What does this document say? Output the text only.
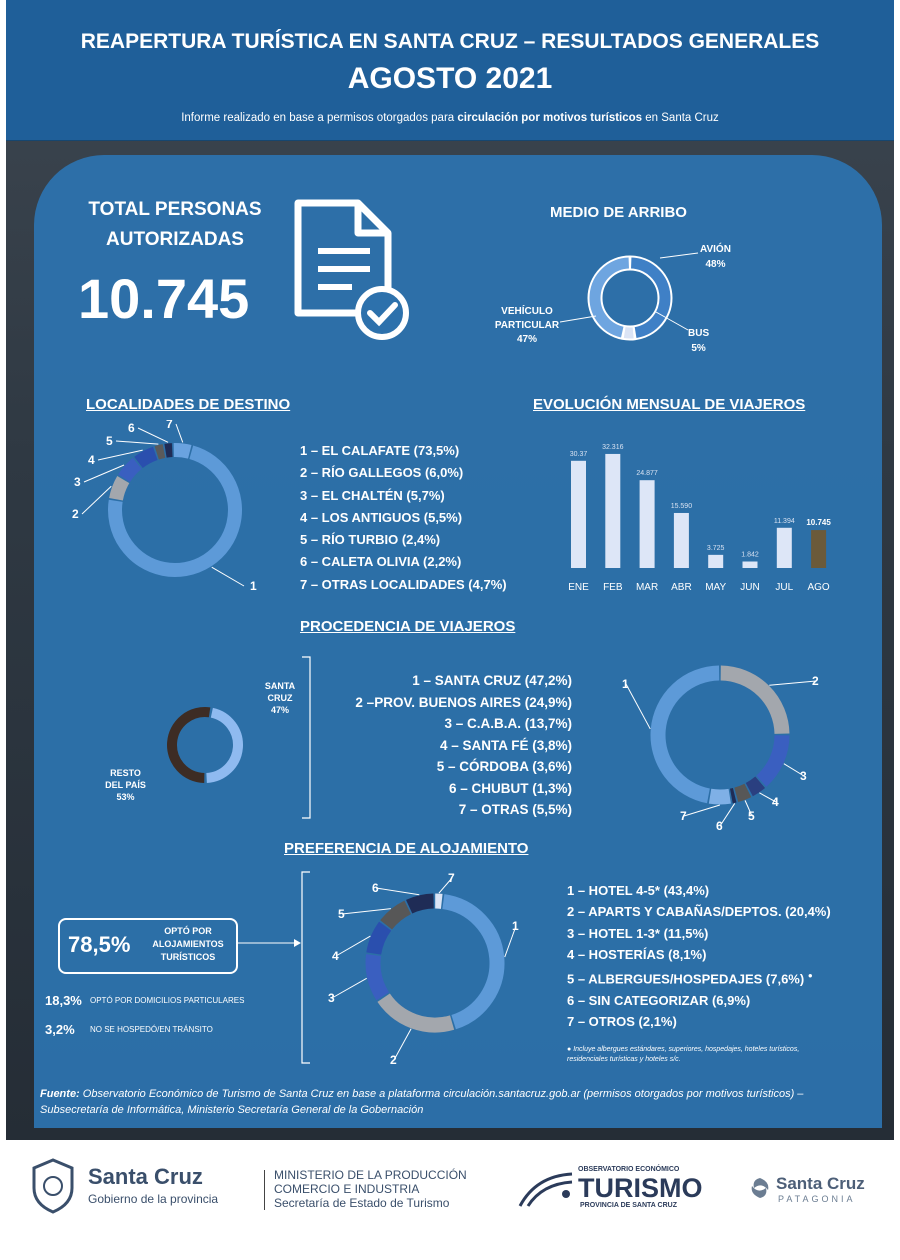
REAPERTURA TURÍSTICA EN SANTA CRUZ – RESULTADOS GENERALES
AGOSTO 2021
Informe realizado en base a permisos otorgados para circulación por motivos turísticos en Santa Cruz
TOTAL PERSONAS
AUTORIZADAS
10.745
MEDIO DE ARRIBO
AVIÓN
48%
VEHÍCULO
PARTICULAR
47%
BUS
5%
LOCALIDADES DE DESTINO
1
2
3
4
5
6	7
1 – EL CALAFATE (73,5%)
2 – RÍO GALLEGOS (6,0%)
3 – EL CHALTÉN (5,7%)
4 – LOS ANTIGUOS (5,5%)
5 – RÍO TURBIO (2,4%)
6 – CALETA OLIVIA (2,2%)
7 – OTRAS LOCALIDADES (4,7%)
EVOLUCIÓN MENSUAL DE VIAJEROS
30.37
ENE
32.316
FEB
24.877
MAR
15.590
ABR
3.725
MAY
1.842
JUN
11.394
JUL
10.745
AGO
PROCEDENCIA DE VIAJEROS
SANTA
CRUZ
47%
RESTO
DEL PAÍS
53%
1 – SANTA CRUZ (47,2%)
2 –PROV. BUENOS AIRES (24,9%)
3 – C.A.B.A. (13,7%)
4 – SANTA FÉ (3,8%)
5 – CÓRDOBA (3,6%)
6 – CHUBUT (1,3%)
7 – OTRAS (5,5%)
1	2
3
4
5
6
7
PREFERENCIA DE ALOJAMIENTO
78,5%
OPTÓ POR
ALOJAMIENTOS
TURÍSTICOS
18,3% OPTÓ POR DOMICILIOS PARTICULARES
3,2% NO SE HOSPEDÓ/EN TRÁNSITO
1
2
3
4
5
6
7
1 – HOTEL 4-5* (43,4%)
2 – APARTS Y CABAÑAS/DEPTOS. (20,4%)
3 – HOTEL 1-3* (11,5%)
4 – HOSTERÍAS (8,1%)
5 – ALBERGUES/HOSPEDAJES (7,6%) ●
6 – SIN CATEGORIZAR (6,9%)
7 – OTROS (2,1%)
● Incluye albergues estándares, superiores, hospedajes, hoteles turísticos, residenciales turísticas y hoteles s/c.
Fuente: Observatorio Económico de Turismo de Santa Cruz en base a plataforma circulación.santacruz.gob.ar (permisos otorgados por motivos turísticos) – Subsecretaría de Informática, Ministerio Secretaría General de la Gobernación
Santa Cruz
Gobierno de la provincia
MINISTERIO DE LA PRODUCCIÓN
COMERCIO E INDUSTRIA
Secretaría de Estado de Turismo
OBSERVATORIO ECONÓMICO
TURISMO
PROVINCIA DE SANTA CRUZ
Santa Cruz
PATAGONIA
